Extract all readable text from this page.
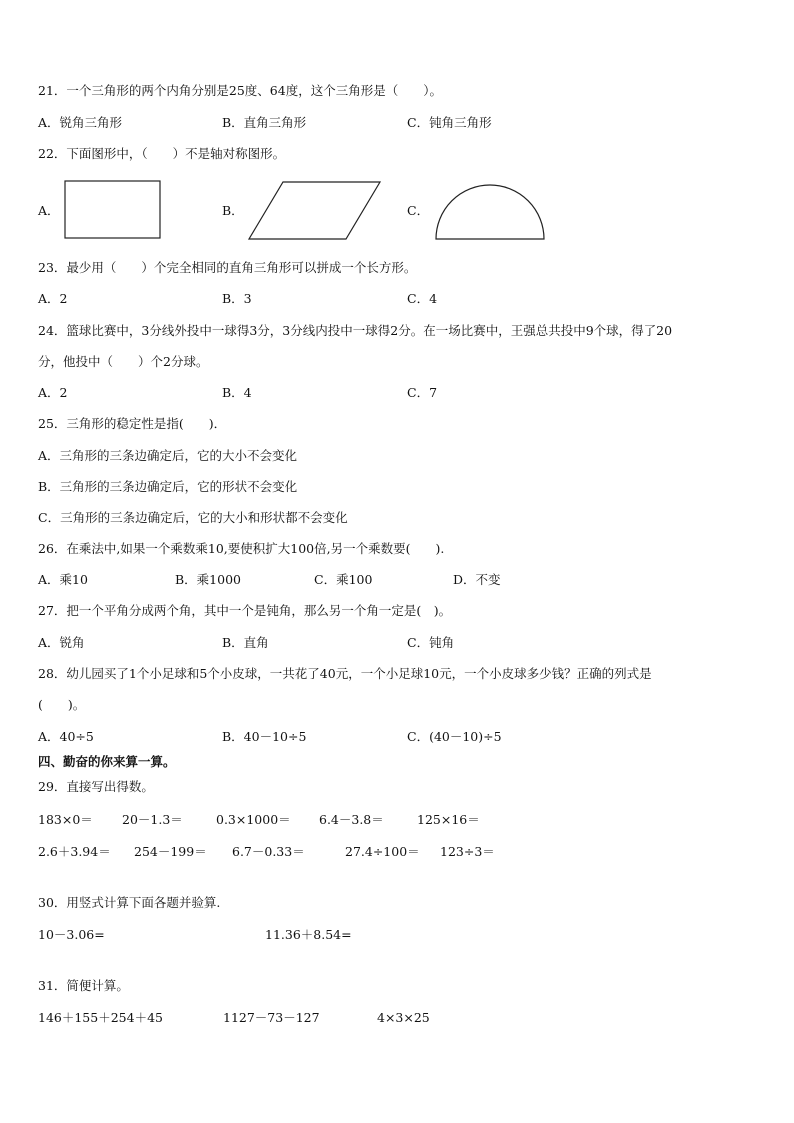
21．一个三角形的两个内角分别是25度、64度，这个三角形是（　　）。
A．锐角三角形	B．直角三角形	C．钝角三角形
22．下面图形中，（　　）不是轴对称图形。
A．	B．	C．
23．最少用（　　）个完全相同的直角三角形可以拼成一个长方形。
A．2	B．3	C．4
24．篮球比赛中，3分线外投中一球得3分，3分线内投中一球得2分。在一场比赛中，王强总共投中9个球，得了20
分，他投中（　　）个2分球。
A．2	B．4	C．7
25．三角形的稳定性是指(　　)．
A．三角形的三条边确定后，它的大小不会变化
B．三角形的三条边确定后，它的形状不会变化
C．三角形的三条边确定后，它的大小和形状都不会变化
26．在乘法中,如果一个乘数乘10,要使积扩大100倍,另一个乘数要(　　).
A．乘10	B．乘1000	C．乘100	D．不变
27．把一个平角分成两个角，其中一个是钝角，那么另一个角一定是(　)。
A．锐角	B．直角	C．钝角
28．幼儿园买了1个小足球和5个小皮球，一共花了40元，一个小足球10元，一个小皮球多少钱？正确的列式是
(　　)。
A．40÷5	B．40－10÷5	C．(40－10)÷5
四、勤奋的你来算一算。
29．直接写出得数。
183×0＝ 20－1.3＝	0.3×1000＝ 6.4－3.8＝	125×16＝
2.6＋3.94＝ 254－199＝ 6.7－0.33＝	27.4÷100＝ 123÷3＝
30．用竖式计算下面各题并验算.
10－3.06=	11.36＋8.54=
31．简便计算。
146＋155＋254＋45	1127－73－127	4×3×25
